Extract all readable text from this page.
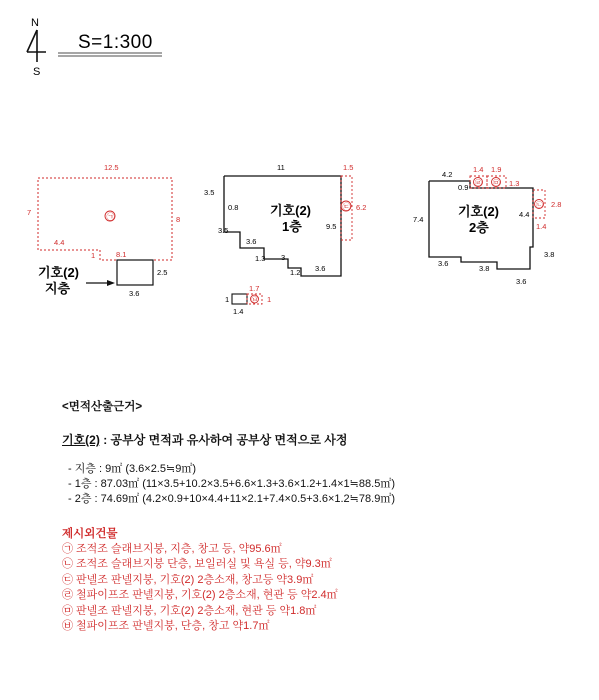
N
S
S=1:300
㉠
12.5
7
8
4.4
1	8.1
2.5
3.6
기호(2)
지층
㉢
기호(2)
1층
11	1.5
3.5
0.8
3.5
3.6
1.3 3
1.2 3.6
9.5
6.2
㉥
1
1.4
1.7
1
㉣ ㉤
㉡
기호(2)
2층
4.2
0.9
7.4
3.6
3.8
4.4
3.8
3.6
1.4 1.9
1.3
2.8
1.4
<면적산출근거>
기호(2) : 공부상 면적과 유사하여 공부상 면적으로 사정
- 지층 : 9㎡ (3.6×2.5≒9㎡)
- 1층 : 87.03㎡ (11×3.5+10.2×3.5+6.6×1.3+3.6×1.2+1.4×1≒88.5㎡)
- 2층 : 74.69㎡ (4.2×0.9+10×4.4+11×2.1+7.4×0.5+3.6×1.2≒78.9㎡)
제시외건물
㉠ 조적조 슬래브지붕, 지층, 창고 등, 약95.6㎡
㉡ 조적조 슬래브지붕 단층, 보일러실 및 욕실 등, 약9.3㎡
㉢ 판넬조 판넬지붕, 기호(2) 2층소재, 창고등 약3.9㎡
㉣ 철파이프조 판넬지붕, 기호(2) 2층소재, 현관 등 약2.4㎡
㉤ 판넬조 판넬지붕, 기호(2) 2층소재, 현관 등 약1.8㎡
㉥ 철파이프조 판넬지붕, 단층, 창고 약1.7㎡
